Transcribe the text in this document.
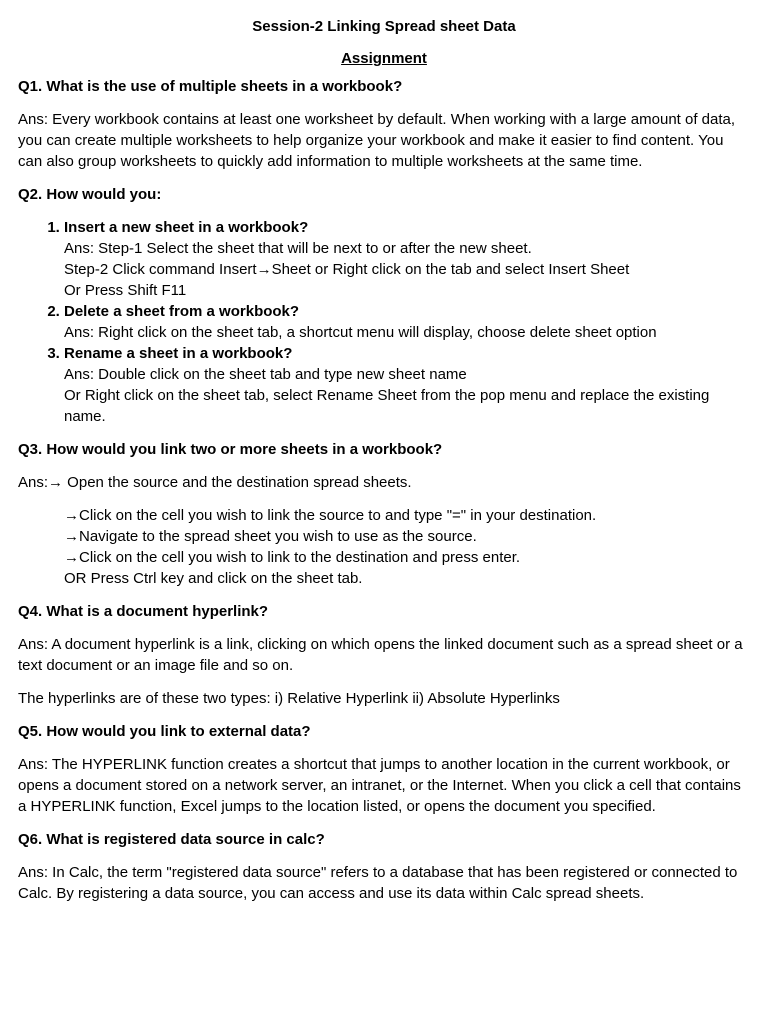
Session-2 Linking Spread sheet Data

Assignment

Q1. What is the use of multiple sheets in a workbook?

Ans: Every workbook contains at least one worksheet by default. When working with a large amount of data, you can create multiple worksheets to help organize your workbook and make it easier to find content. You can also group worksheets to quickly add information to multiple worksheets at the same time.

Q2. How would you:

1. Insert a new sheet in a workbook?
Ans: Step-1 Select the sheet that will be next to or after the new sheet.
Step-2 Click command Insert→Sheet or Right click on the tab and select Insert Sheet
Or Press Shift F11
2. Delete a sheet from a workbook?
Ans: Right click on the sheet tab, a shortcut menu will display, choose delete sheet option
3. Rename a sheet in a workbook?
Ans: Double click on the sheet tab and type new sheet name
Or Right click on the sheet tab, select Rename Sheet from the pop menu and replace the existing name.

Q3. How would you link two or more sheets in a workbook?

Ans:→ Open the source and the destination spread sheets.

→Click on the cell you wish to link the source to and type "=" in your destination.

→Navigate to the spread sheet you wish to use as the source.

→Click on the cell you wish to link to the destination and press enter.

OR Press Ctrl key and click on the sheet tab.

Q4. What is a document hyperlink?

Ans: A document hyperlink is a link, clicking on which opens the linked document such as a spread sheet or a text document or an image file and so on.

The hyperlinks are of these two types: i) Relative Hyperlink ii) Absolute Hyperlinks

Q5. How would you link to external data?

Ans: The HYPERLINK function creates a shortcut that jumps to another location in the current workbook, or opens a document stored on a network server, an intranet, or the Internet. When you click a cell that contains a HYPERLINK function, Excel jumps to the location listed, or opens the document you specified.

Q6. What is registered data source in calc?

Ans: In Calc, the term "registered data source" refers to a database that has been registered or connected to Calc. By registering a data source, you can access and use its data within Calc spread sheets.
